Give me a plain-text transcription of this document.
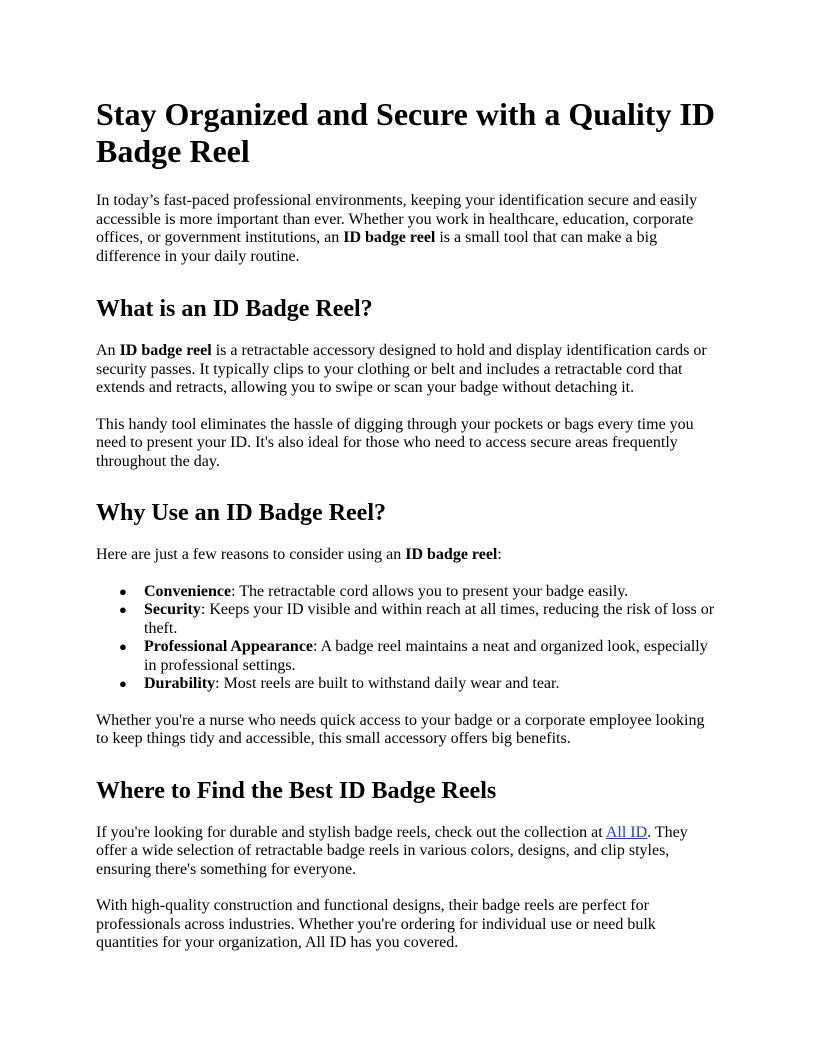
Stay Organized and Secure with a Quality ID Badge Reel

In today’s fast-paced professional environments, keeping your identification secure and easily accessible is more important than ever. Whether you work in healthcare, education, corporate offices, or government institutions, an ID badge reel is a small tool that can make a big difference in your daily routine.

What is an ID Badge Reel?

An ID badge reel is a retractable accessory designed to hold and display identification cards or security passes. It typically clips to your clothing or belt and includes a retractable cord that extends and retracts, allowing you to swipe or scan your badge without detaching it.

This handy tool eliminates the hassle of digging through your pockets or bags every time you need to present your ID. It's also ideal for those who need to access secure areas frequently throughout the day.

Why Use an ID Badge Reel?

Here are just a few reasons to consider using an ID badge reel:

● Convenience: The retractable cord allows you to present your badge easily.
● Security: Keeps your ID visible and within reach at all times, reducing the risk of loss or theft.
● Professional Appearance: A badge reel maintains a neat and organized look, especially in professional settings.
● Durability: Most reels are built to withstand daily wear and tear.

Whether you're a nurse who needs quick access to your badge or a corporate employee looking to keep things tidy and accessible, this small accessory offers big benefits.

Where to Find the Best ID Badge Reels

If you're looking for durable and stylish badge reels, check out the collection at All ID. They offer a wide selection of retractable badge reels in various colors, designs, and clip styles, ensuring there's something for everyone.

With high-quality construction and functional designs, their badge reels are perfect for professionals across industries. Whether you're ordering for individual use or need bulk quantities for your organization, All ID has you covered.
